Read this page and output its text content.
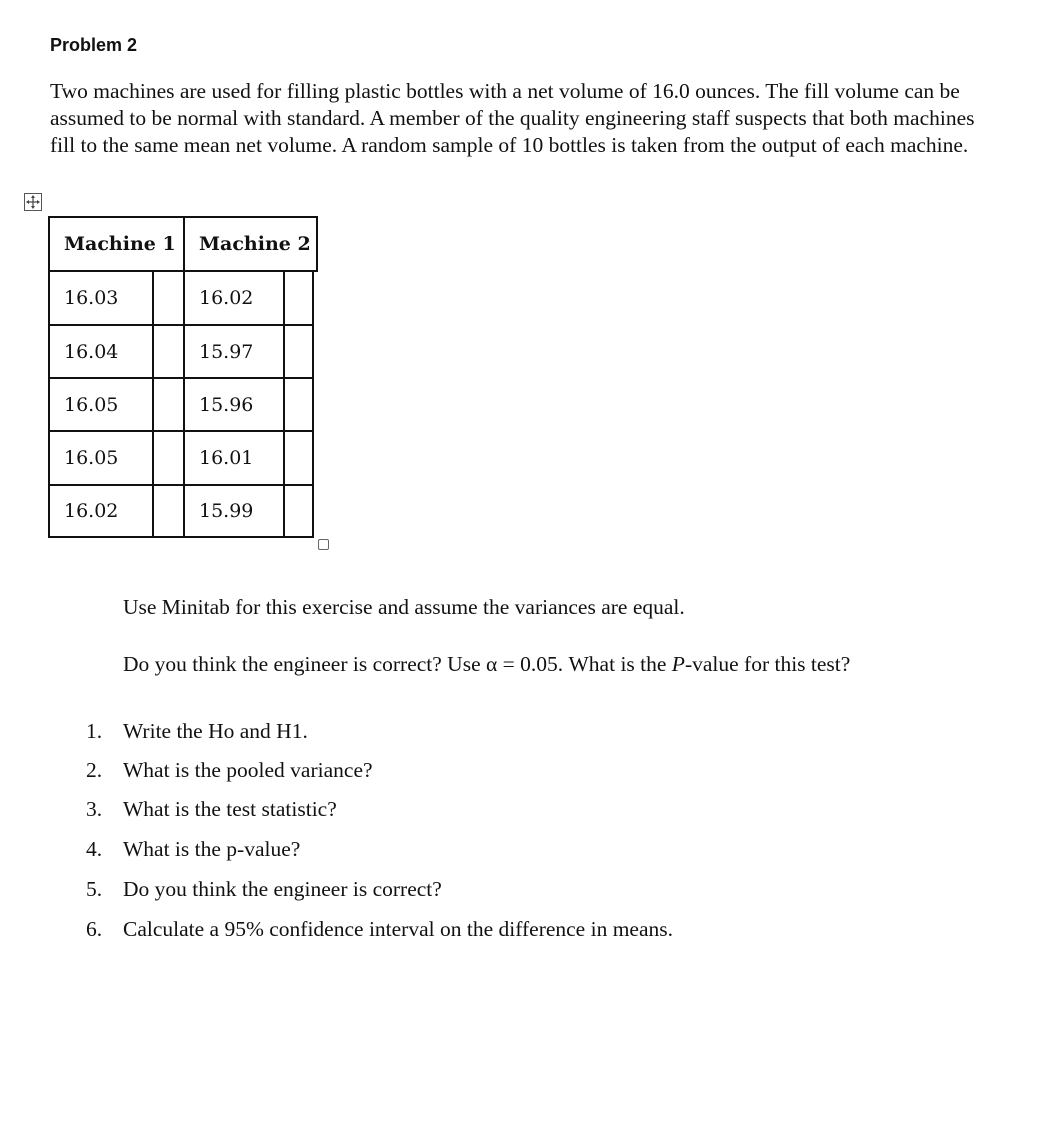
Problem 2
Two machines are used for filling plastic bottles with a net volume of 16.0 ounces. The fill volume can be assumed to be normal with standard. A member of the quality engineering staff suspects that both machines fill to the same mean net volume. A random sample of 10 bottles is taken from the output of each machine.
Machine 1 Machine 2
16.03	16.02
16.04	15.97
16.05	15.96
16.05	16.01
16.02	15.99
Use Minitab for this exercise and assume the variances are equal.
Do you think the engineer is correct? Use α = 0.05. What is the P-value for this test?
1. Write the Ho and H1.
2. What is the pooled variance?
3. What is the test statistic?
4. What is the p-value?
5. Do you think the engineer is correct?
6. Calculate a 95% confidence interval on the difference in means.
